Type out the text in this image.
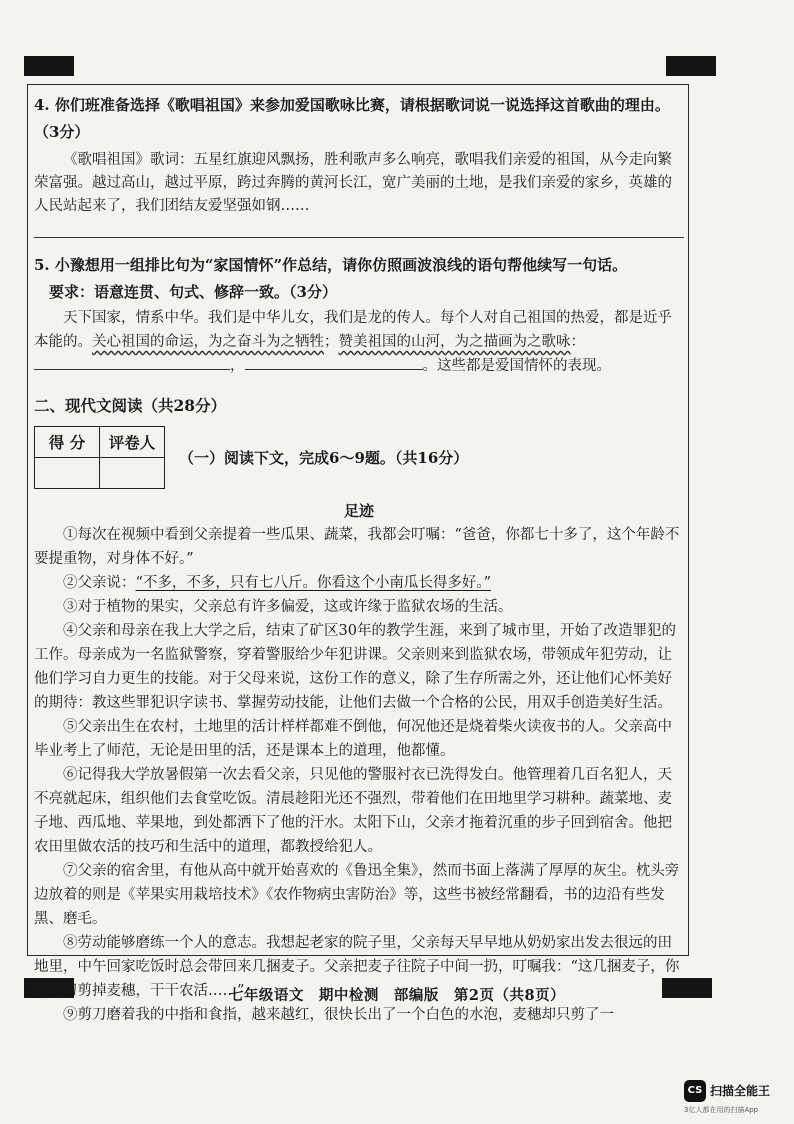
4. 你们班准备选择《歌唱祖国》来参加爱国歌咏比赛，请根据歌词说一说选择这首歌曲的理由。（3分）

《歌唱祖国》歌词：五星红旗迎风飘扬，胜利歌声多么响亮，歌唱我们亲爱的祖国，从今走向繁荣富强。越过高山，越过平原，跨过奔腾的黄河长江，宽广美丽的土地，是我们亲爱的家乡，英雄的人民站起来了，我们团结友爱坚强如钢……

5. 小豫想用一组排比句为“家国情怀”作总结，请你仿照画波浪线的语句帮他续写一句话。

要求：语意连贯、句式、修辞一致。（3分）

天下国家，情系中华。我们是中华儿女，我们是龙的传人。每个人对自己祖国的热爱，都是近乎本能的。关心祖国的命运，为之奋斗为之牺牲；赞美祖国的山河，为之描画为之歌咏：，	。这些都是爱国情怀的表现。

二、现代文阅读（共28分）

得 分	评卷人

（一）阅读下文，完成6～9题。（共16分）

足迹

①每次在视频中看到父亲提着一些瓜果、蔬菜，我都会叮嘱：“爸爸，你都七十多了，这个年龄不要提重物，对身体不好。”

②父亲说：“不多，不多，只有七八斤。你看这个小南瓜长得多好。”

③对于植物的果实，父亲总有许多偏爱，这或许缘于监狱农场的生活。

④父亲和母亲在我上大学之后，结束了矿区30年的教学生涯，来到了城市里，开始了改造罪犯的工作。母亲成为一名监狱警察，穿着警服给少年犯讲课。父亲则来到监狱农场，带领成年犯劳动，让他们学习自力更生的技能。对于父母来说，这份工作的意义，除了生存所需之外，还让他们心怀美好的期待：教这些罪犯识字读书、掌握劳动技能，让他们去做一个合格的公民，用双手创造美好生活。

⑤父亲出生在农村，土地里的活计样样都难不倒他，何况他还是烧着柴火读夜书的人。父亲高中毕业考上了师范，无论是田里的活，还是课本上的道理，他都懂。

⑥记得我大学放暑假第一次去看父亲，只见他的警服衬衣已洗得发白。他管理着几百名犯人，天不亮就起床，组织他们去食堂吃饭。清晨趁阳光还不强烈，带着他们在田地里学习耕种。蔬菜地、麦子地、西瓜地、苹果地，到处都洒下了他的汗水。太阳下山，父亲才拖着沉重的步子回到宿舍。他把农田里做农活的技巧和生活中的道理，都教授给犯人。

⑦父亲的宿舍里，有他从高中就开始喜欢的《鲁迅全集》，然而书面上落满了厚厚的灰尘。枕头旁边放着的则是《苹果实用栽培技术》《农作物病虫害防治》等，这些书被经常翻看，书的边沿有些发黑、磨毛。

⑧劳动能够磨练一个人的意志。我想起老家的院子里，父亲每天早早地从奶奶家出发去很远的田地里，中午回家吃饭时总会带回来几捆麦子。父亲把麦子往院子中间一扔，叮嘱我：“这几捆麦子，你用剪刀剪掉麦穗，干干农活……”

⑨剪刀磨着我的中指和食指，越来越红，很快长出了一个白色的水泡，麦穗却只剪了一

七年级语文　期中检测　部编版　第2页（共8页）
CS 扫描全能王
3亿人都在用的扫描App
